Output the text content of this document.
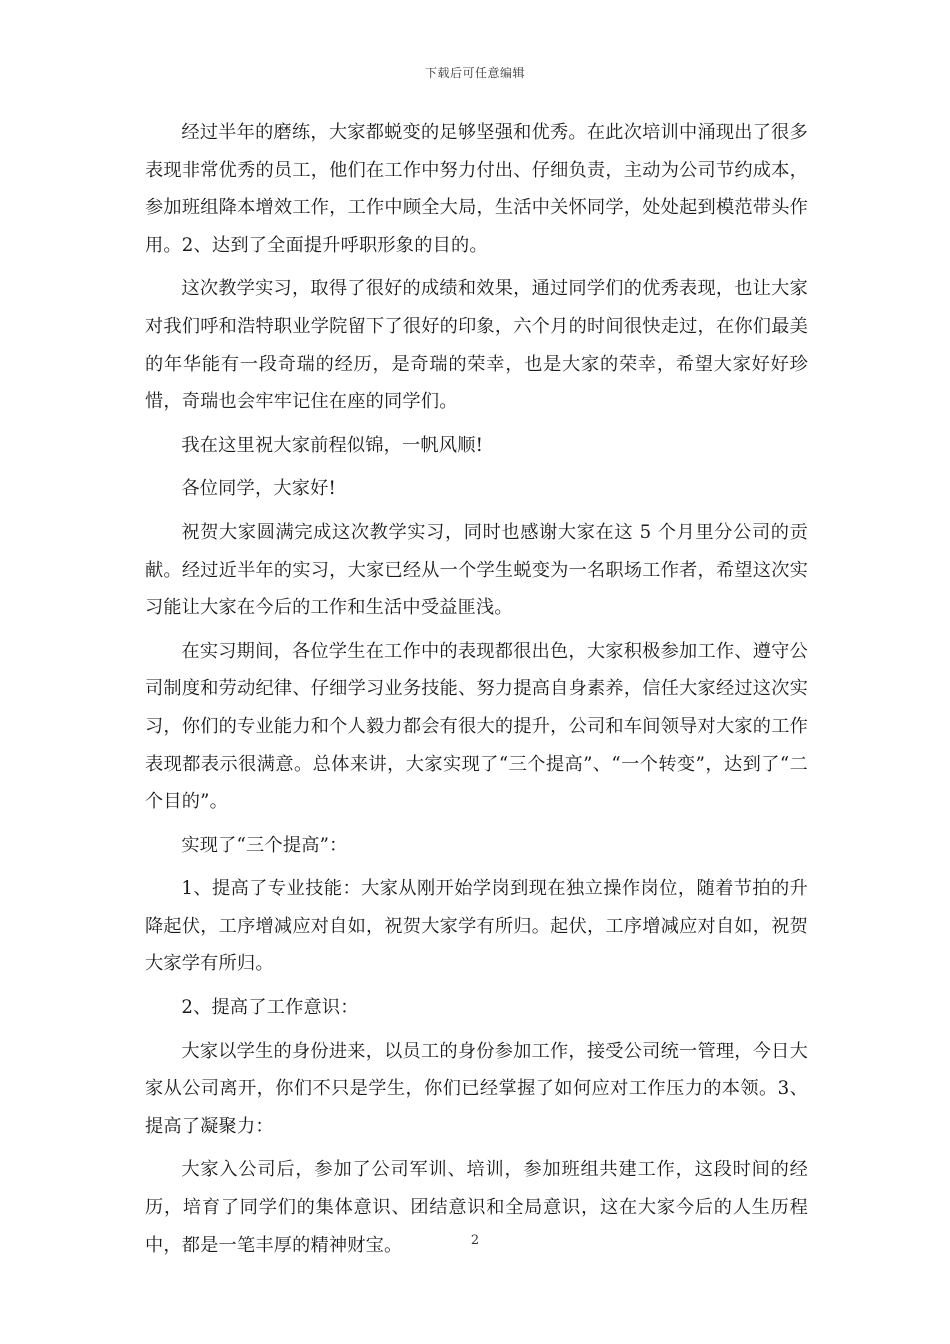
下载后可任意编辑

经过半年的磨练，大家都蜕变的足够坚强和优秀。在此次培训中涌现出了很多表现非常优秀的员工，他们在工作中努力付出、仔细负责，主动为公司节约成本，参加班组降本增效工作，工作中顾全大局，生活中关怀同学，处处起到模范带头作用。2、达到了全面提升呼职形象的目的。

这次教学实习，取得了很好的成绩和效果，通过同学们的优秀表现，也让大家对我们呼和浩特职业学院留下了很好的印象，六个月的时间很快走过，在你们最美的年华能有一段奇瑞的经历，是奇瑞的荣幸，也是大家的荣幸，希望大家好好珍惜，奇瑞也会牢牢记住在座的同学们。

我在这里祝大家前程似锦，一帆风顺!

各位同学，大家好!

祝贺大家圆满完成这次教学实习，同时也感谢大家在这 5 个月里分公司的贡献。经过近半年的实习，大家已经从一个学生蜕变为一名职场工作者，希望这次实习能让大家在今后的工作和生活中受益匪浅。

在实习期间，各位学生在工作中的表现都很出色，大家积极参加工作、遵守公司制度和劳动纪律、仔细学习业务技能、努力提高自身素养，信任大家经过这次实习，你们的专业能力和个人毅力都会有很大的提升，公司和车间领导对大家的工作表现都表示很满意。总体来讲，大家实现了“三个提高”、“一个转变”，达到了“二个目的”。

实现了“三个提高”：

1、提高了专业技能：大家从刚开始学岗到现在独立操作岗位，随着节拍的升降起伏，工序增减应对自如，祝贺大家学有所归。起伏，工序增减应对自如，祝贺大家学有所归。

2、提高了工作意识：

大家以学生的身份进来，以员工的身份参加工作，接受公司统一管理，今日大家从公司离开，你们不只是学生，你们已经掌握了如何应对工作压力的本领。3、提高了凝聚力：

大家入公司后，参加了公司军训、培训，参加班组共建工作，这段时间的经历，培育了同学们的集体意识、团结意识和全局意识，这在大家今后的人生历程中，都是一笔丰厚的精神财宝。	2
